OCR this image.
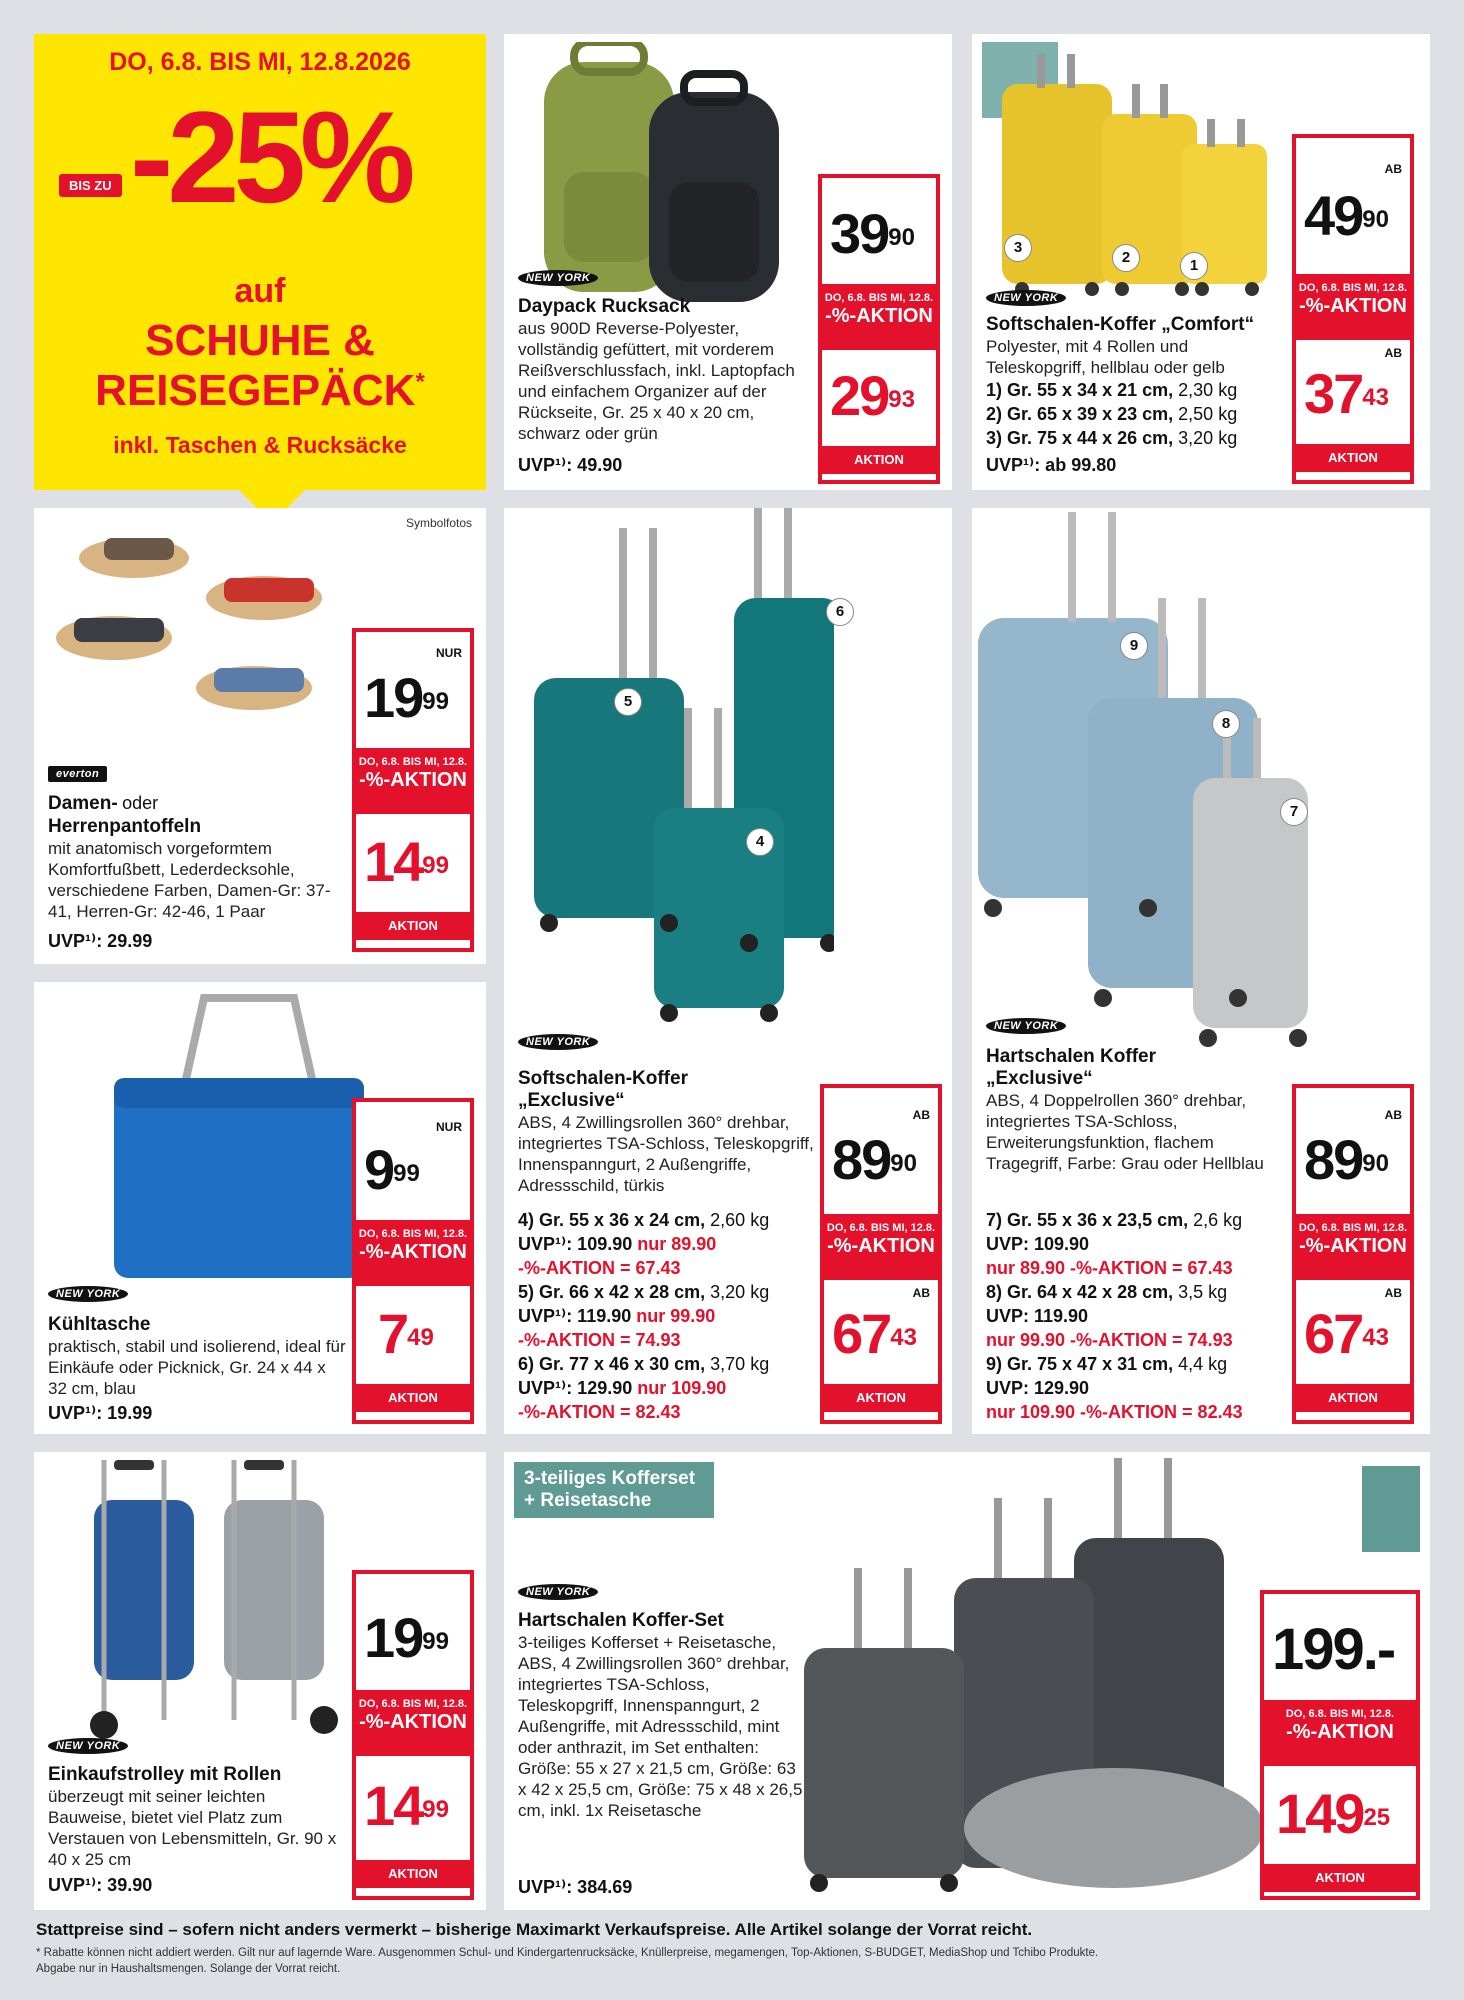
DO, 6.8. BIS MI, 12.8.2026
BIS ZU -25%
auf
SCHUHE &
REISEGEPÄCK*
inkl. Taschen & Rucksäcke
NEW YORK
Daypack Rucksack
aus 900D Reverse-Polyester, vollständig gefüttert, mit vorderem Reißverschlussfach, inkl. Laptopfach und einfachem Organizer auf der Rückseite, Gr. 25 x 40 x 20 cm, schwarz oder grün
UVP¹⁾: 49.90
$39^{90}$
DO, 6.8. BIS MI, 12.8.
-%-AKTION
$29^{93}$
AKTION
3
2	1
NEW YORK
Softschalen-Koffer „Comfort“
Polyester, mit 4 Rollen und Teleskopgriff, hellblau oder gelb
1) Gr. 55 x 34 x 21 cm, 2,30 kg
2) Gr. 65 x 39 x 23 cm, 2,50 kg
3) Gr. 75 x 44 x 26 cm, 3,20 kg
UVP¹⁾: ab 99.80
AB
$49^{90}$
DO, 6.8. BIS MI, 12.8.
-%-AKTION
AB
$37^{43}$
AKTION
Symbolfotos
everton
Damen- oder
Herrenpantoffeln
mit anatomisch vorgeformtem Komfortfußbett, Lederdecksohle, verschiedene Farben, Damen-Gr: 37-41, Herren-Gr: 42-46, 1 Paar
UVP¹⁾: 29.99
NUR
$19^{99}$
DO, 6.8. BIS MI, 12.8.
-%-AKTION
$14^{99}$
AKTION
6
5
4
NEW YORK
Softschalen-Koffer „Exclusive“
ABS, 4 Zwillingsrollen 360° drehbar, integriertes TSA-Schloss, Teleskopgriff, Innenspanngurt, 2 Außengriffe, Adressschild, türkis
4) Gr. 55 x 36 x 24 cm, 2,60 kg
UVP¹⁾: 109.90 nur 89.90
-%-AKTION = 67.43
5) Gr. 66 x 42 x 28 cm, 3,20 kg
UVP¹⁾: 119.90 nur 99.90
-%-AKTION = 74.93
6) Gr. 77 x 46 x 30 cm, 3,70 kg
UVP¹⁾: 129.90 nur 109.90
-%-AKTION = 82.43
AB
$89^{90}$
DO, 6.8. BIS MI, 12.8.
-%-AKTION
AB
$67^{43}$
AKTION
9
8
7
NEW YORK
Hartschalen Koffer „Exclusive“
ABS, 4 Doppelrollen 360° drehbar, integriertes TSA-Schloss, Erweiterungsfunktion, flachem Tragegriff, Farbe: Grau oder Hellblau
7) Gr. 55 x 36 x 23,5 cm, 2,6 kg
UVP: 109.90
nur 89.90 -%-AKTION = 67.43
8) Gr. 64 x 42 x 28 cm, 3,5 kg
UVP: 119.90
nur 99.90 -%-AKTION = 74.93
9) Gr. 75 x 47 x 31 cm, 4,4 kg
UVP: 129.90
nur 109.90 -%-AKTION = 82.43
AB
$89^{90}$
DO, 6.8. BIS MI, 12.8.
-%-AKTION
AB
$67^{43}$
AKTION
NEW YORK
Kühltasche
praktisch, stabil und isolierend, ideal für Einkäufe oder Picknick, Gr. 24 x 44 x 32 cm, blau
UVP¹⁾: 19.99
NUR
$9^{99}$
DO, 6.8. BIS MI, 12.8.
-%-AKTION
$7^{49}$
AKTION
NEW YORK
Einkaufstrolley mit Rollen
überzeugt mit seiner leichten Bauweise, bietet viel Platz zum Verstauen von Lebensmitteln, Gr. 90 x 40 x 25 cm
UVP¹⁾: 39.90
$19^{99}$
DO, 6.8. BIS MI, 12.8.
-%-AKTION
$14^{99}$
AKTION
3-teiliges Kofferset
+ Reisetasche
NEW YORK
Hartschalen Koffer-Set
3-teiliges Kofferset + Reisetasche, ABS, 4 Zwillingsrollen 360° drehbar, integriertes TSA-Schloss, Teleskopgriff, Innenspanngurt, 2 Außengriffe, mit Adressschild, mint oder anthrazit, im Set enthalten: Größe: 55 x 27 x 21,5 cm, Größe: 63 x 42 x 25,5 cm, Größe: 75 x 48 x 26,5 cm, inkl. 1x Reisetasche
UVP¹⁾: 384.69
199.-
DO, 6.8. BIS MI, 12.8.
-%-AKTION
$149^{25}$
AKTION
Stattpreise sind – sofern nicht anders vermerkt – bisherige Maximarkt Verkaufspreise. Alle Artikel solange der Vorrat reicht.
* Rabatte können nicht addiert werden. Gilt nur auf lagernde Ware. Ausgenommen Schul- und Kindergartenrucksäcke, Knüllerpreise, megamengen, Top-Aktionen, S-BUDGET, MediaShop und Tchibo Produkte.
Abgabe nur in Haushaltsmengen. Solange der Vorrat reicht.
